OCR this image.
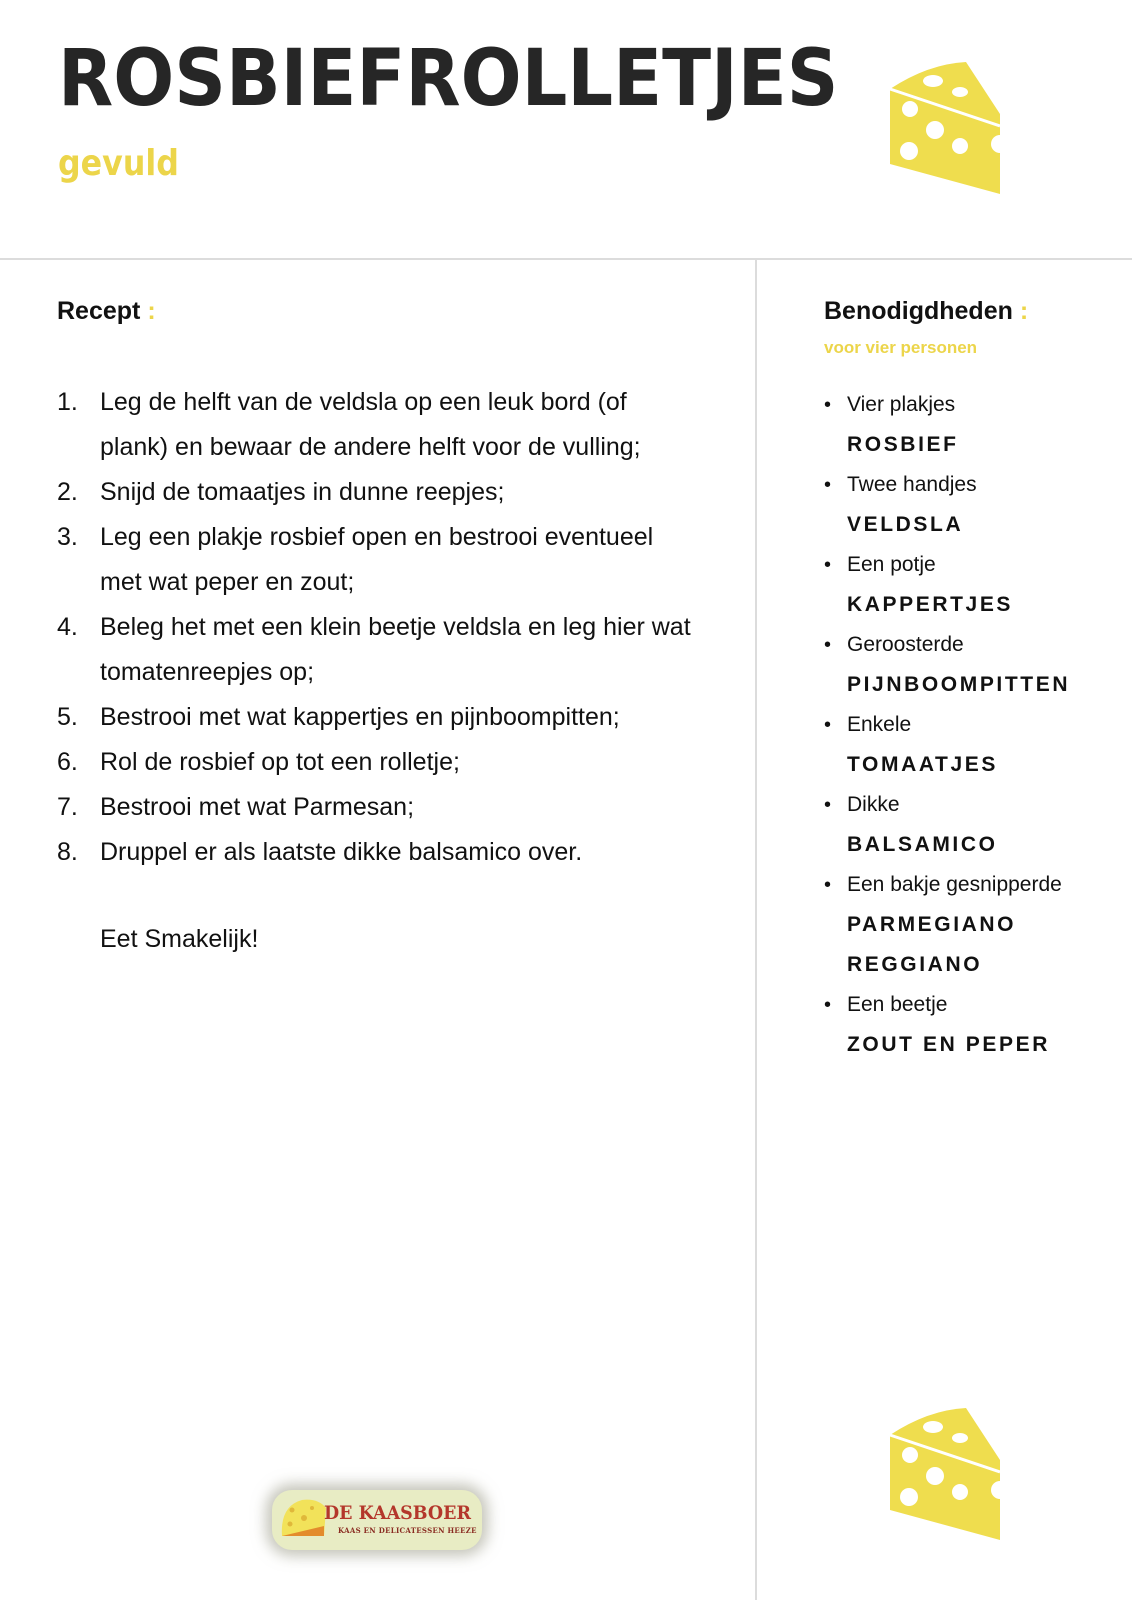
ROSBIEFROLLETJES
gevuld
Recept :
1. Leg de helft van de veldsla op een leuk bord (of plank) en bewaar de andere helft voor de vulling;
2. Snijd de tomaatjes in dunne reepjes;
3. Leg een plakje rosbief open en bestrooi eventueel met wat peper en zout;
4. Beleg het met een klein beetje veldsla en leg hier wat tomatenreepjes op;
5. Bestrooi met wat kappertjes en pijnboompitten;
6. Rol de rosbief op tot een rolletje;
7. Bestrooi met wat Parmesan;
8. Druppel er als laatste dikke balsamico over.
Eet Smakelijk!
Benodigdheden :
voor vier personen
• Vier plakjes
ROSBIEF
• Twee handjes
VELDSLA
• Een potje
KAPPERTJES
• Geroosterde
PIJNBOOMPITTEN
• Enkele
TOMAATJES
• Dikke
BALSAMICO
• Een bakje gesnipperde
PARMEGIANO
REGGIANO
• Een beetje
ZOUT EN PEPER
DE KAASBOER
KAAS EN DELICATESSEN HEEZE
